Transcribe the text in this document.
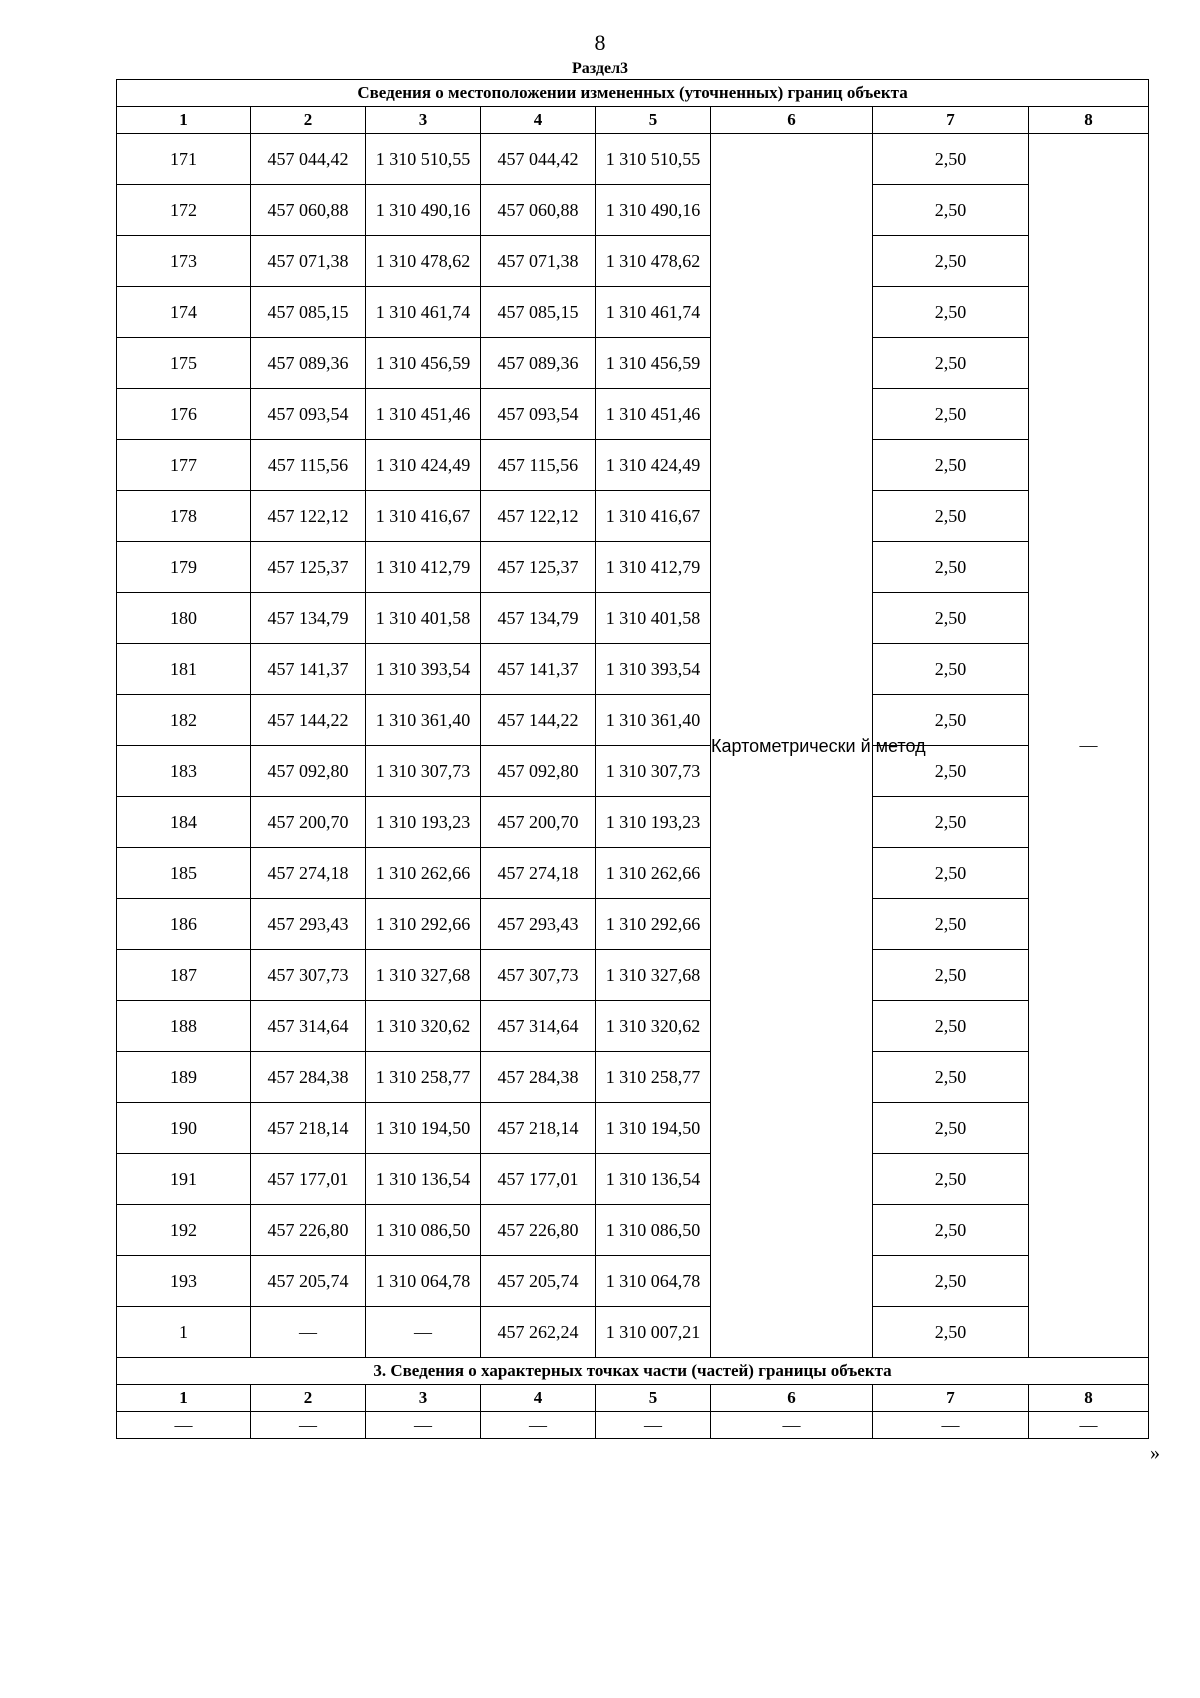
8
Раздел3
Сведения о местоположении измененных (уточненных) границ объекта							
1	2	3	4	5	6	7	8
171	457 044,42	1 310 510,55	457 044,42	1 310 510,55	Картометрически й метод	2,50	—
172	457 060,88	1 310 490,16	457 060,88	1 310 490,16		2,50	
173	457 071,38	1 310 478,62	457 071,38	1 310 478,62		2,50	
174	457 085,15	1 310 461,74	457 085,15	1 310 461,74		2,50	
175	457 089,36	1 310 456,59	457 089,36	1 310 456,59		2,50	
176	457 093,54	1 310 451,46	457 093,54	1 310 451,46		2,50	
177	457 115,56	1 310 424,49	457 115,56	1 310 424,49		2,50	
178	457 122,12	1 310 416,67	457 122,12	1 310 416,67		2,50	
179	457 125,37	1 310 412,79	457 125,37	1 310 412,79		2,50	
180	457 134,79	1 310 401,58	457 134,79	1 310 401,58		2,50	
181	457 141,37	1 310 393,54	457 141,37	1 310 393,54		2,50	
182	457 144,22	1 310 361,40	457 144,22	1 310 361,40		2,50	
183	457 092,80	1 310 307,73	457 092,80	1 310 307,73		2,50	
184	457 200,70	1 310 193,23	457 200,70	1 310 193,23		2,50	
185	457 274,18	1 310 262,66	457 274,18	1 310 262,66		2,50	
186	457 293,43	1 310 292,66	457 293,43	1 310 292,66		2,50	
187	457 307,73	1 310 327,68	457 307,73	1 310 327,68		2,50	
188	457 314,64	1 310 320,62	457 314,64	1 310 320,62		2,50	
189	457 284,38	1 310 258,77	457 284,38	1 310 258,77		2,50	
190	457 218,14	1 310 194,50	457 218,14	1 310 194,50		2,50	
191	457 177,01	1 310 136,54	457 177,01	1 310 136,54		2,50	
192	457 226,80	1 310 086,50	457 226,80	1 310 086,50		2,50	
193	457 205,74	1 310 064,78	457 205,74	1 310 064,78		2,50	
1	—	—	457 262,24	1 310 007,21		2,50	
3. Сведения о характерных точках части (частей) границы объекта							
1	2	3	4	5	6	7	8
—	—	—	—	—	—	—	—
»
